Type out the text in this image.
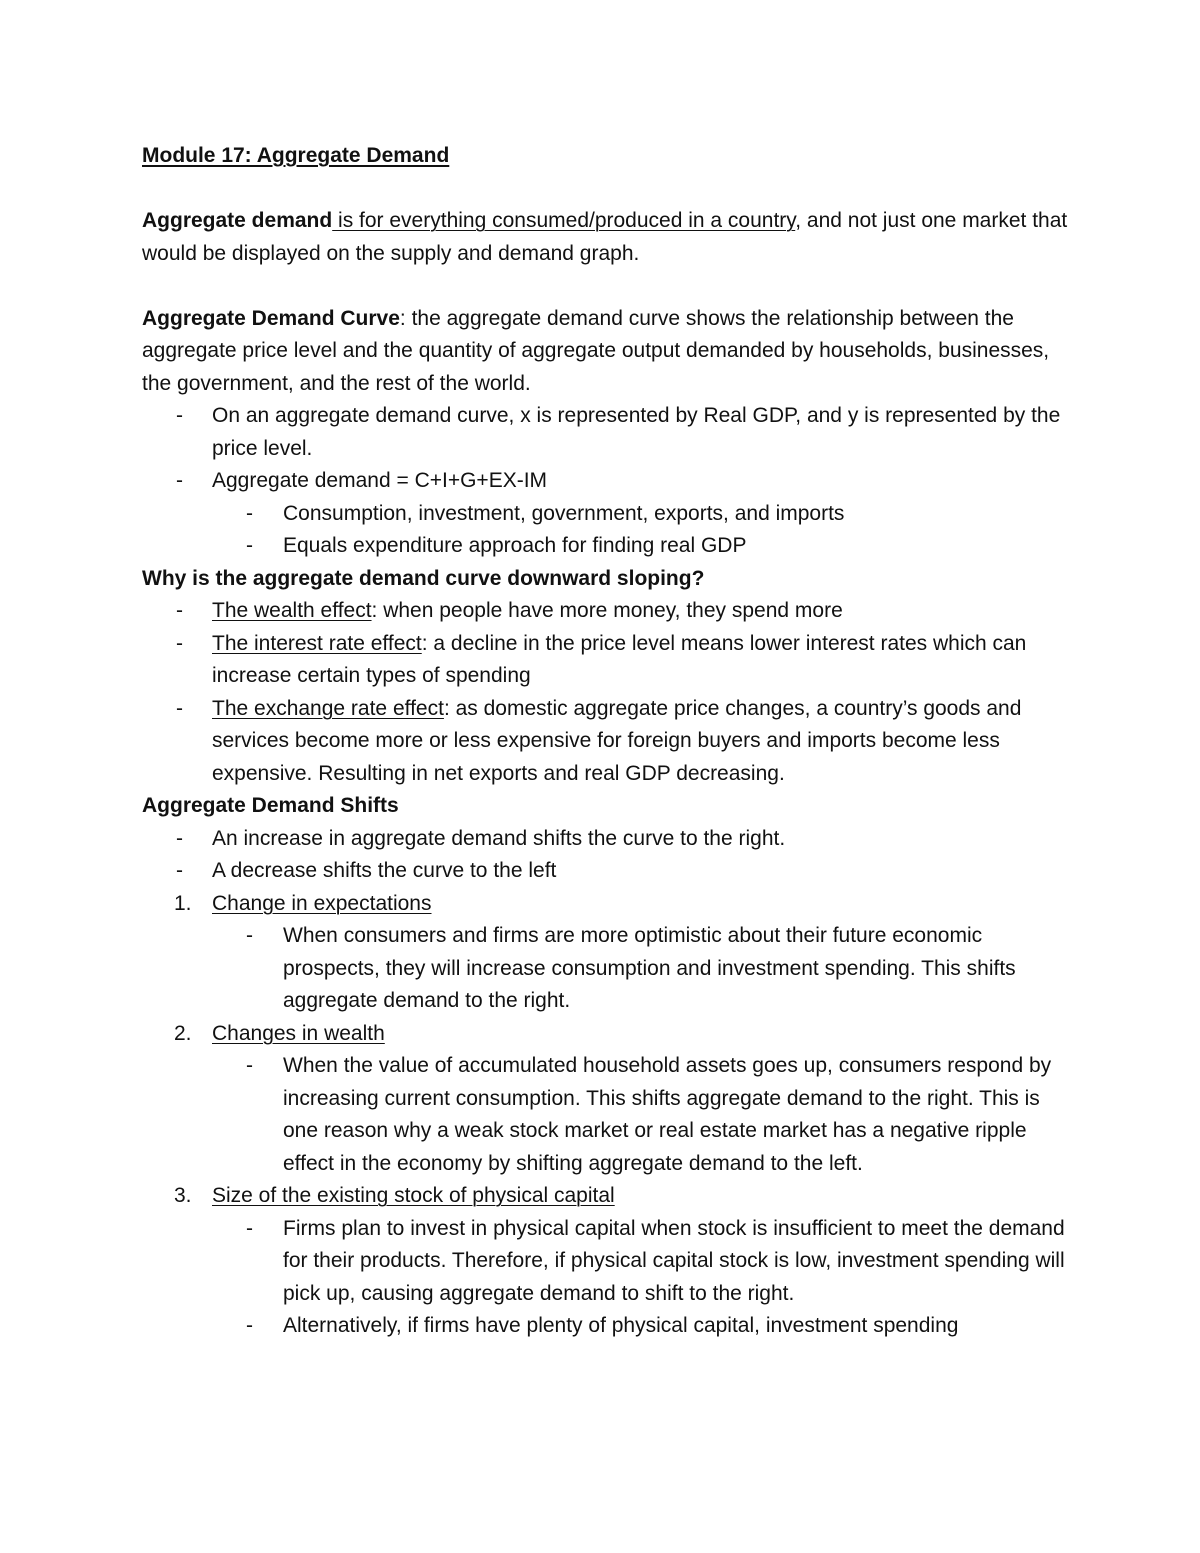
Module 17: Aggregate Demand

Aggregate demand is for everything consumed/produced in a country, and not just one market that would be displayed on the supply and demand graph.

Aggregate Demand Curve: the aggregate demand curve shows the relationship between the aggregate price level and the quantity of aggregate output demanded by households, businesses, the government, and the rest of the world.

- On an aggregate demand curve, x is represented by Real GDP, and y is represented by the price level.

- Aggregate demand = C+I+G+EX-IM

- Consumption, investment, government, exports, and imports

- Equals expenditure approach for finding real GDP

Why is the aggregate demand curve downward sloping?

- The wealth effect: when people have more money, they spend more

- The interest rate effect: a decline in the price level means lower interest rates which can increase certain types of spending

- The exchange rate effect: as domestic aggregate price changes, a country’s goods and services become more or less expensive for foreign buyers and imports become less expensive. Resulting in net exports and real GDP decreasing.

Aggregate Demand Shifts

- An increase in aggregate demand shifts the curve to the right.

- A decrease shifts the curve to the left

1. Change in expectations

- When consumers and firms are more optimistic about their future economic prospects, they will increase consumption and investment spending. This shifts aggregate demand to the right.

2. Changes in wealth

- When the value of accumulated household assets goes up, consumers respond by increasing current consumption. This shifts aggregate demand to the right. This is one reason why a weak stock market or real estate market has a negative ripple effect in the economy by shifting aggregate demand to the left.

3. Size of the existing stock of physical capital

- Firms plan to invest in physical capital when stock is insufficient to meet the demand for their products. Therefore, if physical capital stock is low, investment spending will pick up, causing aggregate demand to shift to the right.

- Alternatively, if firms have plenty of physical capital, investment spending
